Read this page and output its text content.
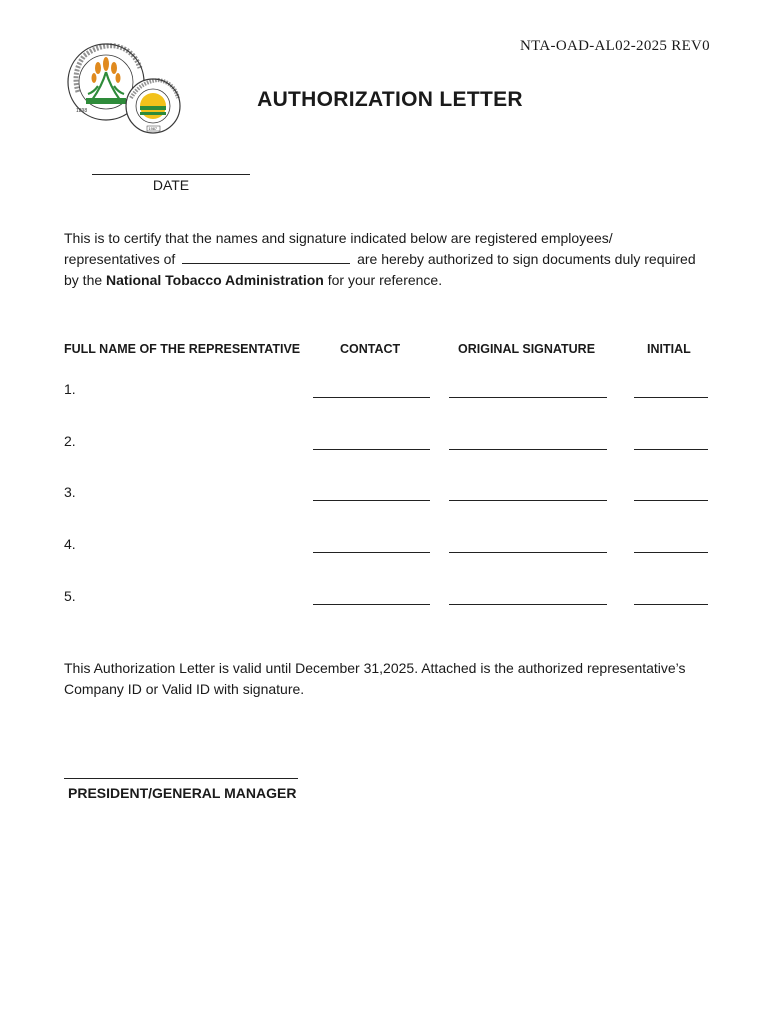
NTA-OAD-AL02-2025 REV0
1898
1987
AUTHORIZATION LETTER
DATE
This is to certify that the names and signature indicated below are registered employees/ representatives of	are hereby authorized to sign documents duly required by the National Tobacco Administration for your reference.
FULL NAME OF THE REPRESENTATIVE	CONTACT	ORIGINAL SIGNATURE	INITIAL
1.
2.
3.
4.
5.
This Authorization Letter is valid until December 31,2025. Attached is the authorized representative’s Company ID or Valid ID with signature.
PRESIDENT/GENERAL MANAGER
